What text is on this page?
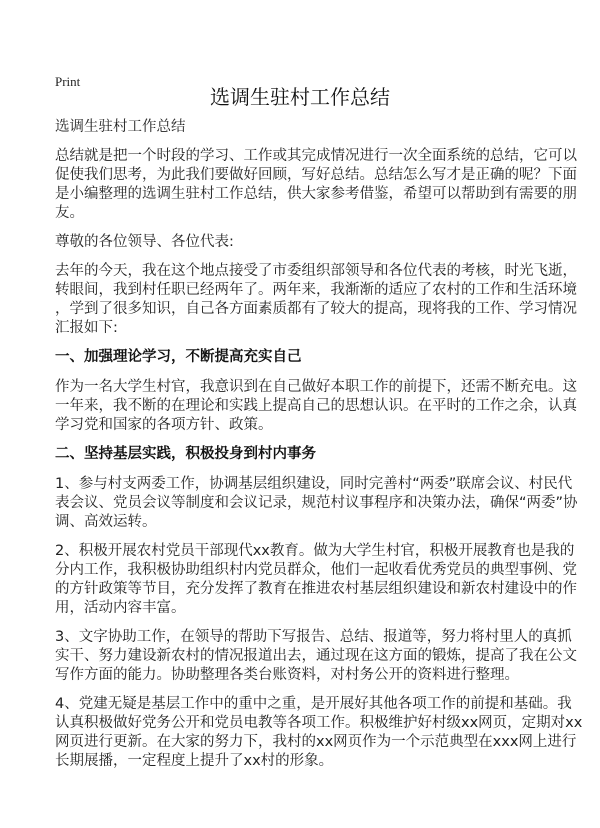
Print
选调生驻村工作总结
选调生驻村工作总结
总结就是把一个时段的学习、工作或其完成情况进行一次全面系统的总结，它可以
促使我们思考，为此我们要做好回顾，写好总结。总结怎么写才是正确的呢？下面
是小编整理的选调生驻村工作总结，供大家参考借鉴，希望可以帮助到有需要的朋
友。
尊敬的各位领导、各位代表:
去年的今天，我在这个地点接受了市委组织部领导和各位代表的考核，时光飞逝，
转眼间，我到村任职已经两年了。两年来，我渐渐的适应了农村的工作和生活环境
，学到了很多知识，自己各方面素质都有了较大的提高，现将我的工作、学习情况
汇报如下:
一、加强理论学习，不断提高充实自己
作为一名大学生村官，我意识到在自己做好本职工作的前提下，还需不断充电。这
一年来，我不断的在理论和实践上提高自己的思想认识。在平时的工作之余，认真
学习党和国家的各项方针、政策。
二、坚持基层实践，积极投身到村内事务
1、参与村支两委工作，协调基层组织建设，同时完善村“两委”联席会议、村民代
表会议、党员会议等制度和会议记录，规范村议事程序和决策办法，确保“两委”协
调、高效运转。
2、积极开展农村党员干部现代xx教育。做为大学生村官，积极开展教育也是我的
分内工作，我积极协助组织村内党员群众，他们一起收看优秀党员的典型事例、党
的方针政策等节目，充分发挥了教育在推进农村基层组织建设和新农村建设中的作
用，活动内容丰富。
3、文字协助工作，在领导的帮助下写报告、总结、报道等，努力将村里人的真抓
实干、努力建设新农村的情况报道出去，通过现在这方面的锻炼，提高了我在公文
写作方面的能力。协助整理各类台账资料，对村务公开的资料进行整理。
4、党建无疑是基层工作中的重中之重，是开展好其他各项工作的前提和基础。我
认真积极做好党务公开和党员电教等各项工作。积极维护好村级xx网页，定期对xx
网页进行更新。在大家的努力下，我村的xx网页作为一个示范典型在xxx网上进行
长期展播，一定程度上提升了xx村的形象。
